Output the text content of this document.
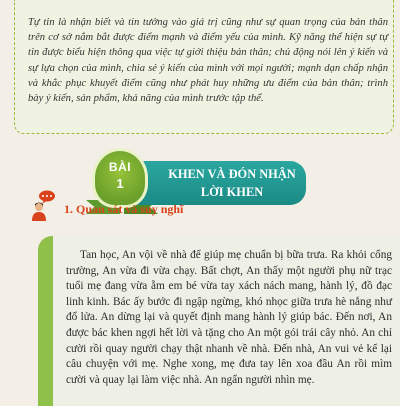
Tự tin là nhận biết và tin tưởng vào giá trị cũng như sự quan trọng của bản thân trên cơ sở nắm bắt được điểm mạnh và điểm yếu của mình. Kỹ năng thể hiện sự tự tin được biểu hiện thông qua việc tự giới thiệu bản thân; chủ động nói lên ý kiến và sự lựa chọn của mình, chia sẻ ý kiến của mình với mọi người; mạnh dạn chấp nhận và khắc phục khuyết điểm cũng như phát huy những ưu điểm của bản thân; trình bày ý kiến, sản phẩm, khả năng của mình trước tập thể.

BÀI
1
KHEN VÀ ĐÓN NHẬN LỜI KHEN
1. Quan sát và suy nghĩ

Tan học, An vội về nhà để giúp mẹ chuẩn bị bữa trưa. Ra khỏi cổng trường, An vừa đi vừa chạy. Bất chợt, An thấy một người phụ nữ trạc tuổi mẹ đang vừa ẵm em bé vừa tay xách nách mang, hành lý, đồ đạc linh kinh. Bác ấy bước đi ngập ngừng, khó nhọc giữa trưa hè nắng như đổ lửa. An dừng lại và quyết định mang hành lý giúp bác. Đến nơi, An được bác khen ngợi hết lời và tặng cho An một gói trái cây nhỏ. An chỉ cười rồi quay người chạy thật nhanh về nhà. Đến nhà, An vui vẻ kể lại câu chuyện với mẹ. Nghe xong, mẹ đưa tay lên xoa đầu An rồi mìm cười và quay lại làm việc nhà. An ngẩn người nhìn mẹ.
